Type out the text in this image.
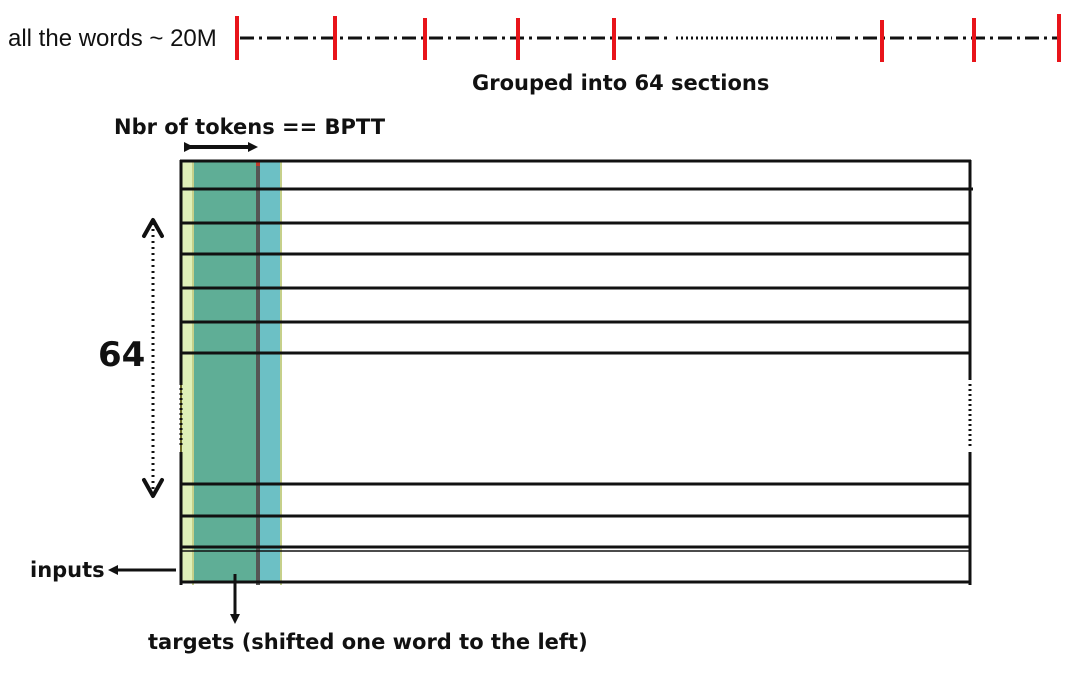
all the words ~ 20M
Grouped into 64 sections
Nbr of tokens == BPTT
64
inputs
targets (shifted one word to the left)
